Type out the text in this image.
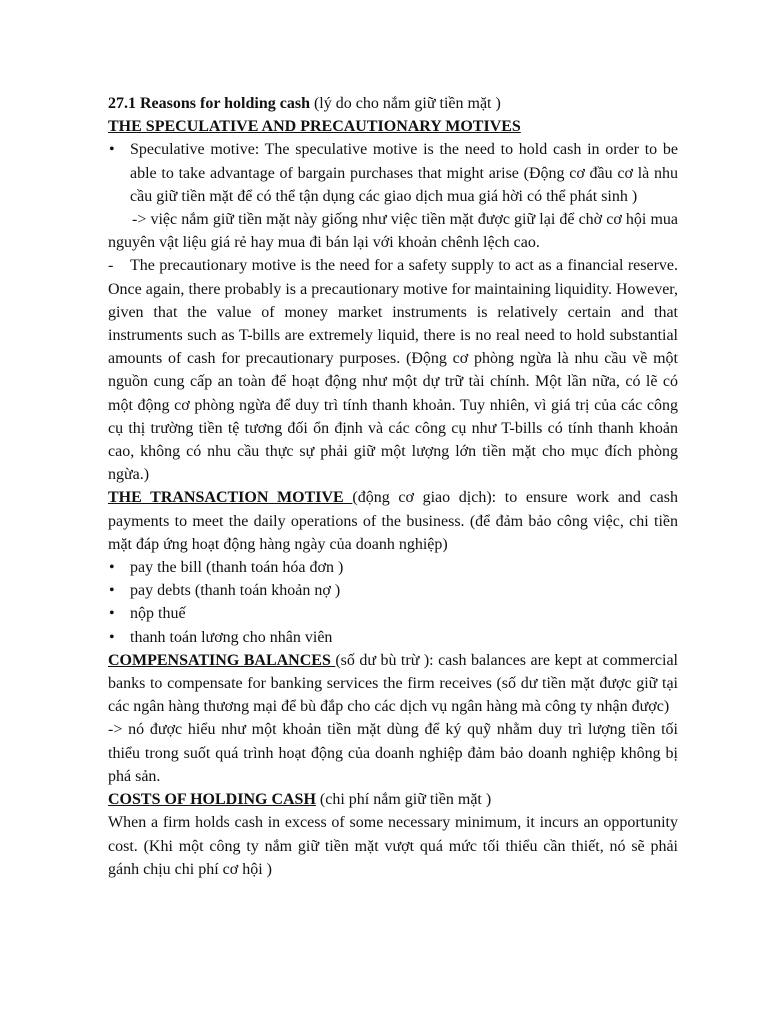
27.1 Reasons for holding cash (lý do cho nắm giữ tiền mặt )

THE SPECULATIVE AND PRECAUTIONARY MOTIVES

• Speculative motive: The speculative motive is the need to hold cash in order to be able to take advantage of bargain purchases that might arise (Động cơ đầu cơ là nhu cầu giữ tiền mặt để có thể tận dụng các giao dịch mua giá hời có thể phát sinh )

-> việc nắm giữ tiền mặt này giống như việc tiền mặt được giữ lại để chờ cơ hội mua nguyên vật liệu giá rẻ hay mua đi bán lại với khoản chênh lệch cao.

- The precautionary motive is the need for a safety supply to act as a financial reserve. Once again, there probably is a precautionary motive for maintaining liquidity. However, given that the value of money market instruments is relatively certain and that instruments such as T-bills are extremely liquid, there is no real need to hold substantial amounts of cash for precautionary purposes. (Động cơ phòng ngừa là nhu cầu về một nguồn cung cấp an toàn để hoạt động như một dự trữ tài chính. Một lần nữa, có lẽ có một động cơ phòng ngừa để duy trì tính thanh khoản. Tuy nhiên, vì giá trị của các công cụ thị trường tiền tệ tương đối ổn định và các công cụ như T-bills có tính thanh khoản cao, không có nhu cầu thực sự phải giữ một lượng lớn tiền mặt cho mục đích phòng ngừa.)

THE TRANSACTION MOTIVE (động cơ giao dịch): to ensure work and cash payments to meet the daily operations of the business. (để đảm bảo công việc, chi tiền mặt đáp ứng hoạt động hàng ngày của doanh nghiệp)

• pay the bill (thanh toán hóa đơn )
• pay debts (thanh toán khoản nợ )
• nộp thuế
• thanh toán lương cho nhân viên

COMPENSATING BALANCES (số dư bù trừ ): cash balances are kept at commercial banks to compensate for banking services the firm receives (số dư tiền mặt được giữ tại các ngân hàng thương mại để bù đắp cho các dịch vụ ngân hàng mà công ty nhận được)

-> nó được hiểu như một khoản tiền mặt dùng để ký quỹ nhằm duy trì lượng tiền tối thiểu trong suốt quá trình hoạt động của doanh nghiệp đảm bảo doanh nghiệp không bị phá sản.

COSTS OF HOLDING CASH (chi phí nắm giữ tiền mặt )

When a firm holds cash in excess of some necessary minimum, it incurs an opportunity cost. (Khi một công ty nắm giữ tiền mặt vượt quá mức tối thiểu cần thiết, nó sẽ phải gánh chịu chi phí cơ hội )
